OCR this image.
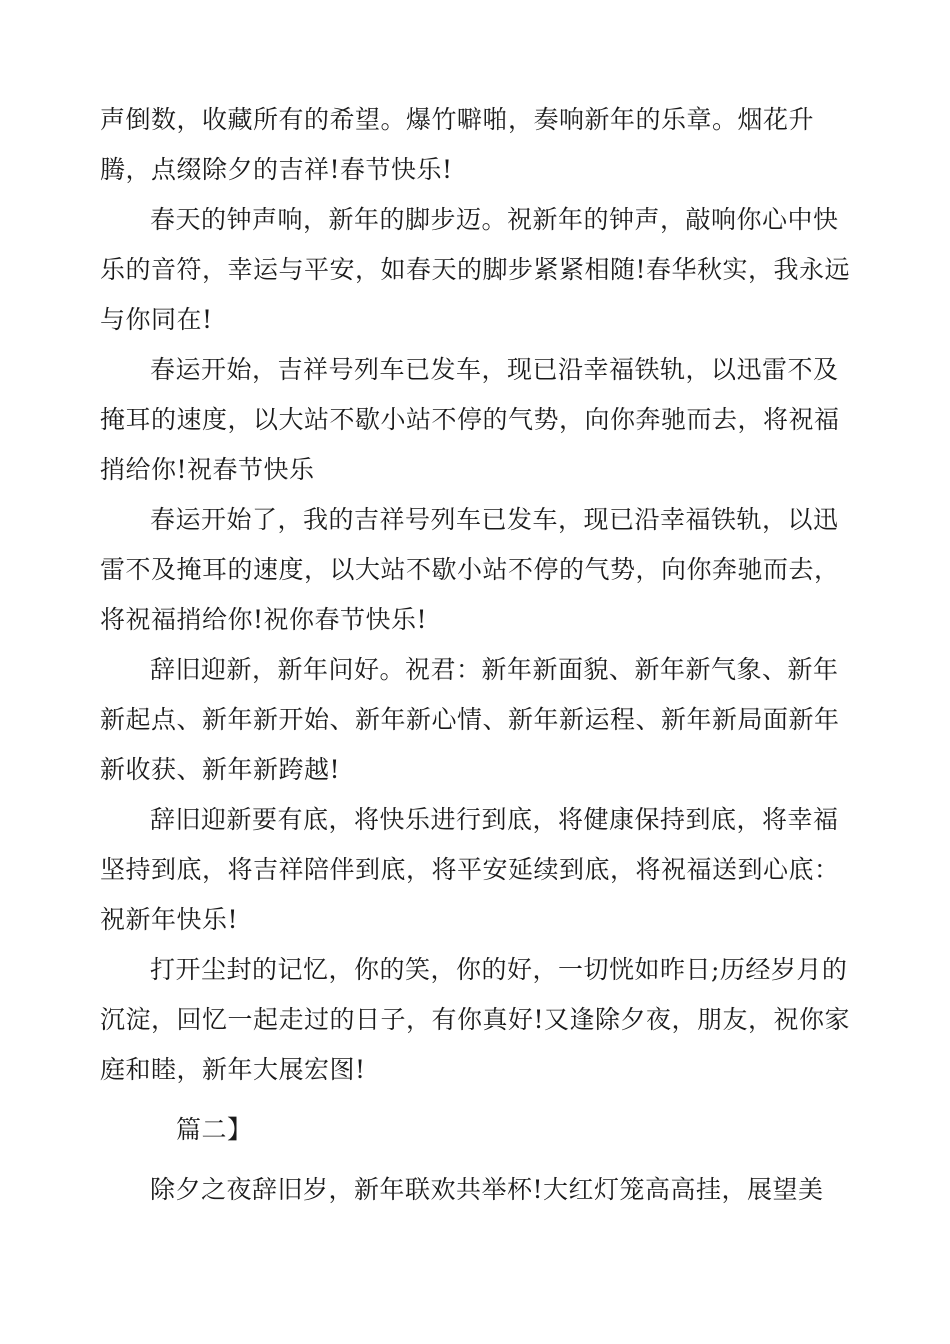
声倒数，收藏所有的希望。爆竹噼啪，奏响新年的乐章。烟花升腾，点缀除夕的吉祥!春节快乐!

春天的钟声响，新年的脚步迈。祝新年的钟声，敲响你心中快乐的音符，幸运与平安，如春天的脚步紧紧相随!春华秋实，我永远与你同在!

春运开始，吉祥号列车已发车，现已沿幸福铁轨，以迅雷不及掩耳的速度，以大站不歇小站不停的气势，向你奔驰而去，将祝福捎给你!祝春节快乐

春运开始了，我的吉祥号列车已发车，现已沿幸福铁轨，以迅雷不及掩耳的速度，以大站不歇小站不停的气势，向你奔驰而去，将祝福捎给你!祝你春节快乐!

辞旧迎新，新年问好。祝君：新年新面貌、新年新气象、新年新起点、新年新开始、新年新心情、新年新运程、新年新局面新年新收获、新年新跨越!

辞旧迎新要有底，将快乐进行到底，将健康保持到底，将幸福坚持到底，将吉祥陪伴到底，将平安延续到底，将祝福送到心底：祝新年快乐!

打开尘封的记忆，你的笑，你的好，一切恍如昨日;历经岁月的沉淀，回忆一起走过的日子，有你真好!又逢除夕夜，朋友，祝你家庭和睦，新年大展宏图!

篇二】

除夕之夜辞旧岁，新年联欢共举杯!大红灯笼高高挂，展望美
